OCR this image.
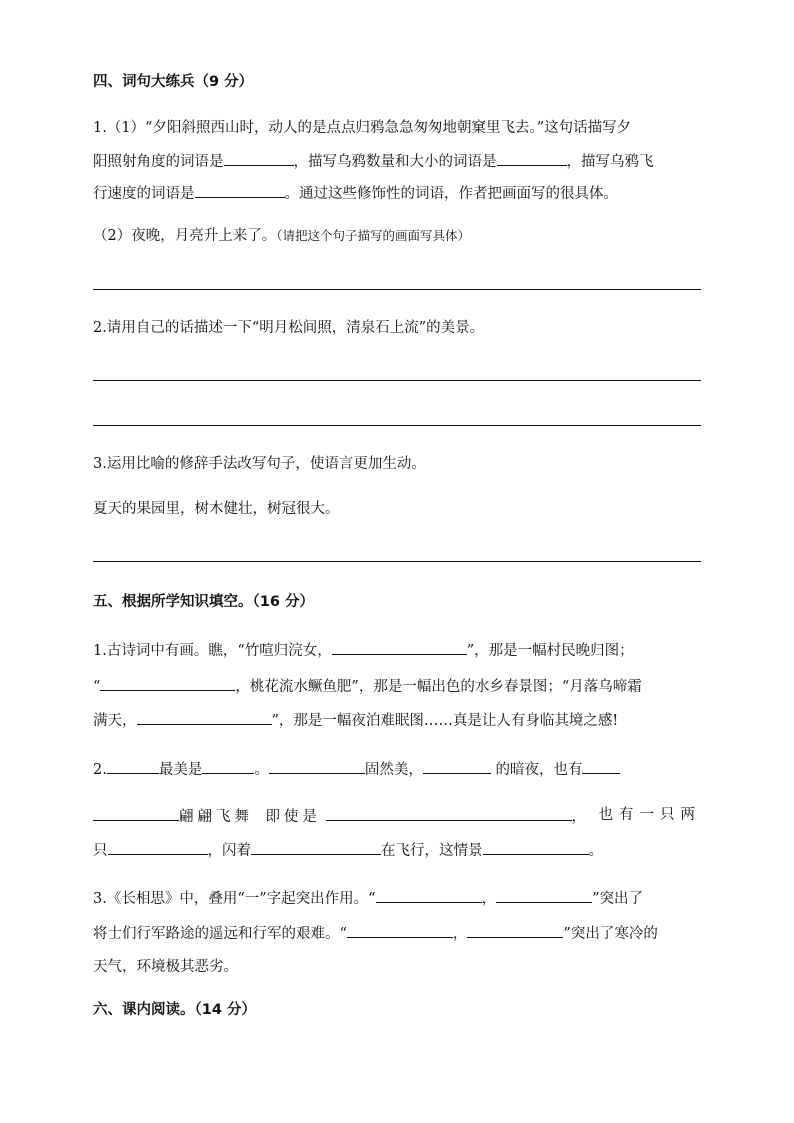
四、词句大练兵（9 分）
1.（1）“夕阳斜照西山时，动人的是点点归鸦急急匆匆地朝窠里飞去。”这句话描写夕
阳照射角度的词语是	，描写乌鸦数量和大小的词语是	，描写乌鸦飞
行速度的词语是	。通过这些修饰性的词语，作者把画面写的很具体。
（2）夜晚，月亮升上来了。（请把这个句子描写的画面写具体）
2.请用自己的话描述一下“明月松间照，清泉石上流”的美景。
3.运用比喻的修辞手法改写句子，使语言更加生动。
夏天的果园里，树木健壮，树冠很大。
五、根据所学知识填空。（16 分）
1.古诗词中有画。瞧，“竹喧归浣女，	”，那是一幅村民晚归图；
“	，桃花流水鳜鱼肥”，那是一幅出色的水乡春景图；“月落乌啼霜
满天，	”，那是一幅夜泊难眠图……真是让人有身临其境之感!
2.	最美是	。	固然美，	的暗夜，也有
翩翩飞舞 即使是	， 也有一只两
只	，闪着	在飞行，这情景	。
3.《长相思》中，叠用“一”字起突出作用。“	，	”突出了
将士们行军路途的遥远和行军的艰难。“	，	”突出了寒冷的
天气，环境极其恶劣。
六、课内阅读。（14 分）
